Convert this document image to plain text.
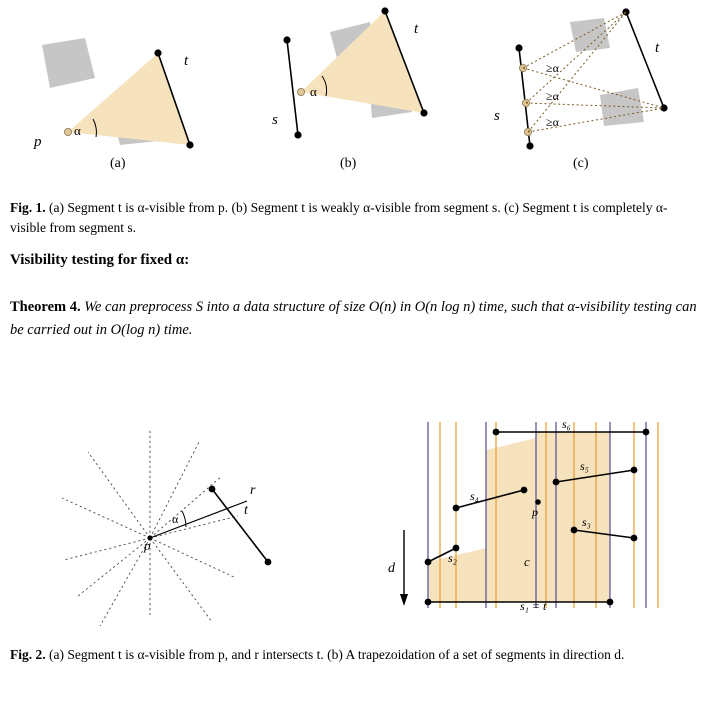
p
t
α
(a)
s
t
α
(b)
s
t
≥α
≥α
≥α
(c)
Fig. 1. (a) Segment t is α-visible from p. (b) Segment t is weakly α-visible from segment s. (c) Segment t is completely α-visible from segment s.
Visibility testing for fixed α:
Theorem 4. We can preprocess S into a data structure of size O(n) in O(n log n) time, such that α-visibility testing can be carried out in O(log n) time.
p
α
r
t	p
d
s₁ = t
s₂
s₃
s₄
s₅
s₆
c
Fig. 2. (a) Segment t is α-visible from p, and r intersects t. (b) A trapezoidation of a set of segments in direction d.
